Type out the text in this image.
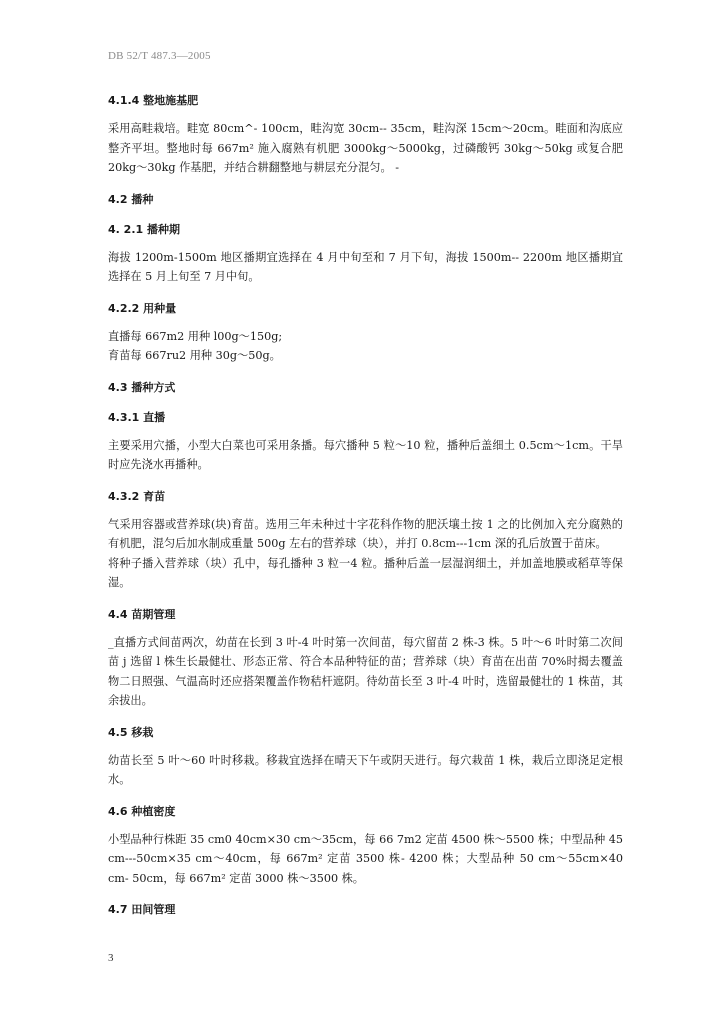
DB 52/T 487.3—2005
4.1.4 整地施基肥

采用高畦栽培。畦宽 80cm^- 100cm，畦沟宽 30cm-- 35cm，畦沟深 15cm～20cm。畦面和沟底应整齐平坦。整地时每 667m² 施入腐熟有机肥 3000kg～5000kg，过磷酸钙 30kg～50kg 或复合肥 20kg～30kg 作基肥，并结合耕翻整地与耕层充分混匀。 -

4.2 播种
4. 2.1 播种期

海拔 1200m-1500m 地区播期宜选择在 4 月中旬至和 7 月下旬，海拔 1500m-- 2200m 地区播期宜选择在 5 月上旬至 7 月中旬。

4.2.2 用种量

直播每 667m2 用种 l00g～150g;

育苗每 667ru2 用种 30g～50g。

4.3 播种方式
4.3.1 直播

主要采用穴播，小型大白菜也可采用条播。每穴播种 5 粒～10 粒，播种后盖细土 0.5cm～1cm。干旱时应先浇水再播种。

4.3.2 育苗

气采用容器或营养球(块)育苗。选用三年未种过十字花科作物的肥沃壤土按 1 之的比例加入充分腐熟的有机肥，混匀后加水制成重量 500g 左右的营养球（块），并打 0.8cm---1cm 深的孔后放置于苗床。

将种子播入营养球（块）孔中，每孔播种 3 粒一4 粒。播种后盖一层湿润细土，并加盖地膜或稻草等保湿。

4.4 苗期管理

_直播方式间苗两次，幼苗在长到 3 叶-4 叶时第一次间苗，每穴留苗 2 株-3 株。5 叶～6 叶时第二次间苗 j 选留 l 株生长最健壮、形态正常、符合本品种特征的苗；营养球（块）育苗在出苗 70%时揭去覆盖物二日照强、气温高时还应搭架覆盖作物秸杆遮阴。待幼苗长至 3 叶-4 叶时，选留最健壮的 1 株苗，其余拔出。

4.5 移栽

幼苗长至 5 叶～60 叶时移栽。移栽宜选择在晴天下午或阴天进行。每穴栽苗 1 株，栽后立即浇足定根水。

4.6 种植密度

小型品种行株距 35 cm0 40cm×30 cm～35cm，每 66 7m2 定苗 4500 株～5500 株；中型品种 45 cm---50cm×35 cm～40cm，每 667m² 定苗 3500 株- 4200 株；大型品种 50 cm～55cm×40 cm- 50cm，每 667m² 定苗 3000 株～3500 株。

4.7 田间管理
3
